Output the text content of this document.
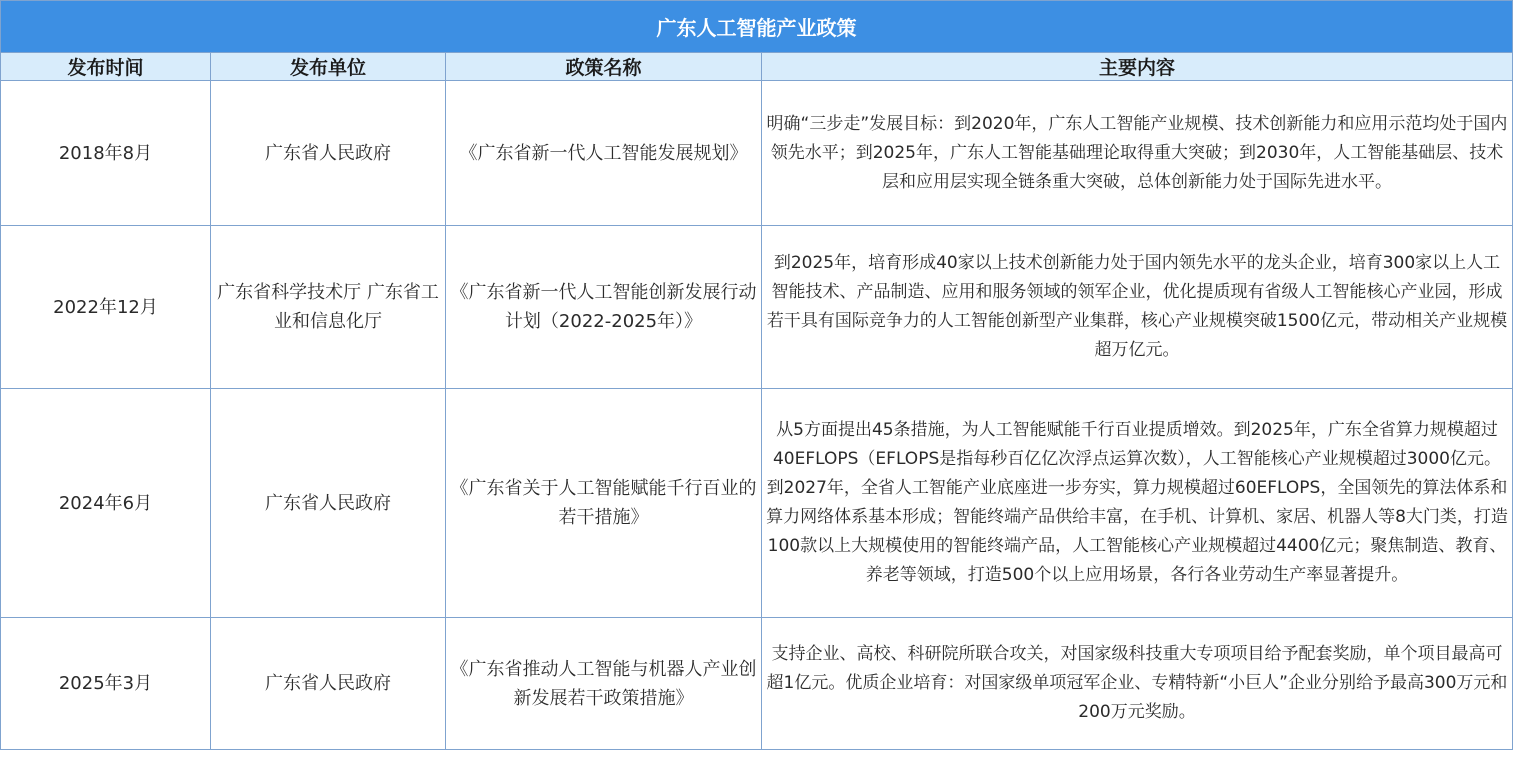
广东人工智能产业政策			
发布时间	发布单位	政策名称	主要内容
2018年8月	广东省人民政府	《广东省新一代人工智能发展规划》	明确“三步走”发展目标：到2020年，广东人工智能产业规模、技术创新能力和应用示范均处于国内领先水平；到2025年，广东人工智能基础理论取得重大突破；到2030年，人工智能基础层、技术层和应用层实现全链条重大突破，总体创新能力处于国际先进水平。
2022年12月	广东省科学技术厅 广东省工业和信息化厅	《广东省新一代人工智能创新发展行动计划（2022-2025年）》	到2025年，培育形成40家以上技术创新能力处于国内领先水平的龙头企业，培育300家以上人工智能技术、产品制造、应用和服务领域的领军企业，优化提质现有省级人工智能核心产业园，形成若干具有国际竞争力的人工智能创新型产业集群，核心产业规模突破1500亿元，带动相关产业规模超万亿元。
2024年6月	广东省人民政府	《广东省关于人工智能赋能千行百业的若干措施》	从5方面提出45条措施，为人工智能赋能千行百业提质增效。到2025年，广东全省算力规模超过40EFLOPS（EFLOPS是指每秒百亿亿次浮点运算次数），人工智能核心产业规模超过3000亿元。到2027年，全省人工智能产业底座进一步夯实，算力规模超过60EFLOPS，全国领先的算法体系和算力网络体系基本形成；智能终端产品供给丰富，在手机、计算机、家居、机器人等8大门类，打造100款以上大规模使用的智能终端产品，人工智能核心产业规模超过4400亿元；聚焦制造、教育、养老等领域，打造500个以上应用场景，各行各业劳动生产率显著提升。
2025年3月	广东省人民政府	《广东省推动人工智能与机器人产业创新发展若干政策措施》	支持企业、高校、科研院所联合攻关，对国家级科技重大专项项目给予配套奖励，单个项目最高可超1亿元。优质企业培育：对国家级单项冠军企业、专精特新“小巨人”企业分别给予最高300万元和200万元奖励。
